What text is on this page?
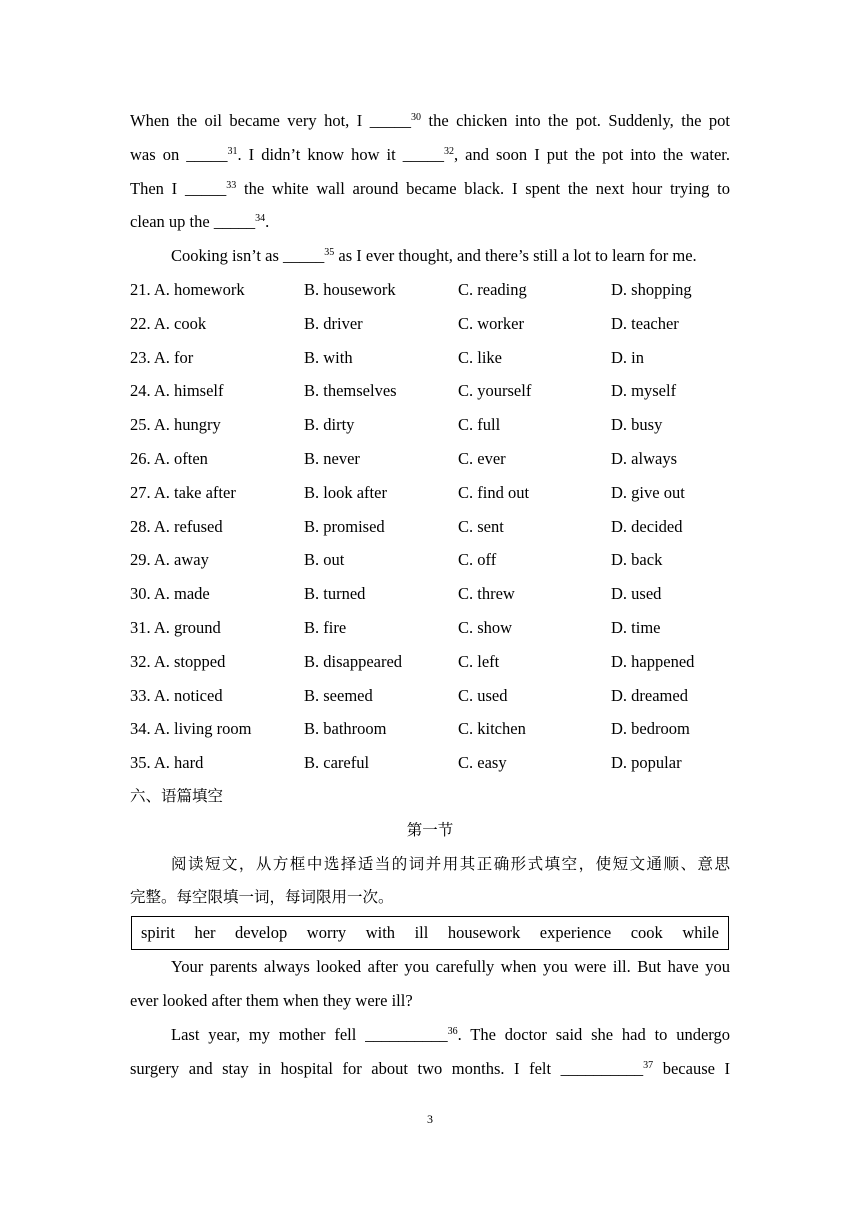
When the oil became very hot, I _____$^{30}$ the chicken into the pot. Suddenly, the pot
was on _____$^{31}$. I didn’t know how it _____$^{32}$, and soon I put the pot into the water.
Then I _____$^{33}$ the white wall around became black. I spent the next hour trying to
clean up the _____$^{34}$.
Cooking isn’t as _____$^{35}$ as I ever thought, and there’s still a lot to learn for me.
21. A. homework	B. housework	C. reading	D. shopping
22. A. cook	B. driver	C. worker	D. teacher
23. A. for	B. with	C. like	D. in
24. A. himself	B. themselves	C. yourself	D. myself
25. A. hungry	B. dirty	C. full	D. busy
26. A. often	B. never	C. ever	D. always
27. A. take after	B. look after	C. find out	D. give out
28. A. refused	B. promised	C. sent	D. decided
29. A. away	B. out	C. off	D. back
30. A. made	B. turned	C. threw	D. used
31. A. ground	B. fire	C. show	D. time
32. A. stopped	B. disappeared	C. left	D. happened
33. A. noticed	B. seemed	C. used	D. dreamed
34. A. living room	B. bathroom	C. kitchen	D. bedroom
35. A. hard	B. careful	C. easy	D. popular
六、语篇填空
第一节
阅读短文，从方框中选择适当的词并用其正确形式填空，使短文通顺、意思
完整。每空限填一词，每词限用一次。
spirit her develop worry with ill housework experience cook while
Your parents always looked after you carefully when you were ill. But have you
ever looked after them when they were ill?
Last year, my mother fell __________$^{36}$. The doctor said she had to undergo
surgery and stay in hospital for about two months. I felt __________$^{37}$ because I
3
